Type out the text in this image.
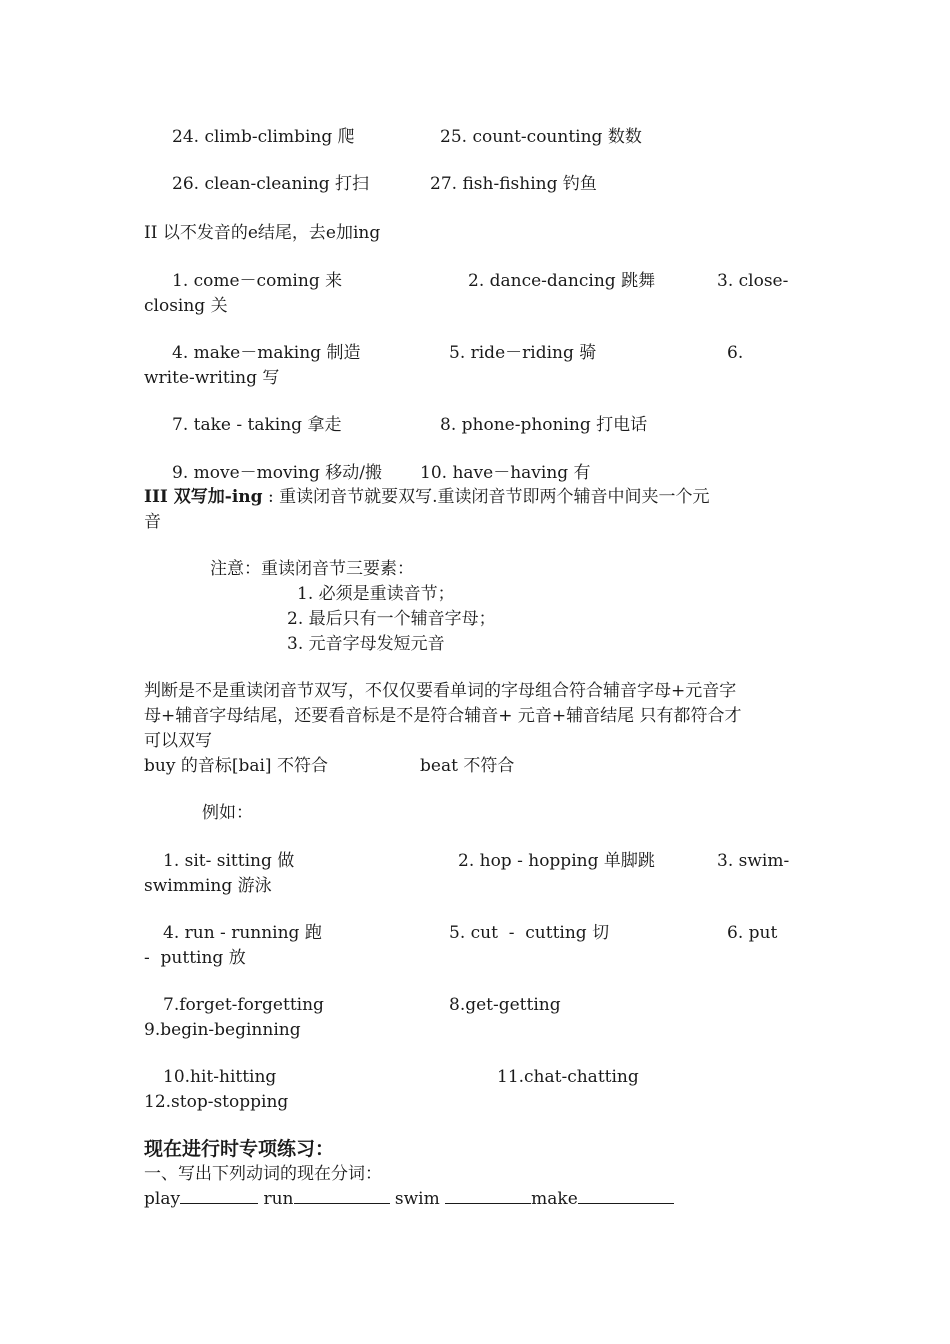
24. climb-climbing 爬	25. count-counting 数数
26. clean-cleaning 打扫	27. fish-fishing 钓鱼
II 以不发音的e结尾，去e加ing
1. come－coming 来	2. dance-dancing 跳舞	3. close-
closing 关
4. make－making 制造	5. ride－riding 骑	6.
write-writing 写
7. take - taking 拿走	8. phone-phoning 打电话
9. move－moving 移动/搬 10. have－having 有
III 双写加-ing : 重读闭音节就要双写.重读闭音节即两个辅音中间夹一个元
音
注意：重读闭音节三要素：
1. 必须是重读音节；
2. 最后只有一个辅音字母；
3. 元音字母发短元音
判断是不是重读闭音节双写，不仅仅要看单词的字母组合符合辅音字母+元音字
母+辅音字母结尾，还要看音标是不是符合辅音+ 元音+辅音结尾 只有都符合才
可以双写
buy 的音标[bai] 不符合	beat 不符合
例如：
1. sit- sitting 做	2. hop - hopping 单脚跳	3. swim-
swimming 游泳
4. run - running 跑	5. cut  -  cutting 切	6. put
-  putting 放
7.forget-forgetting	8.get-getting
9.begin-beginning
10.hit-hitting	11.chat-chatting
12.stop-stopping
现在进行时专项练习：
一、写出下列动词的现在分词：
play	run	swim	make
